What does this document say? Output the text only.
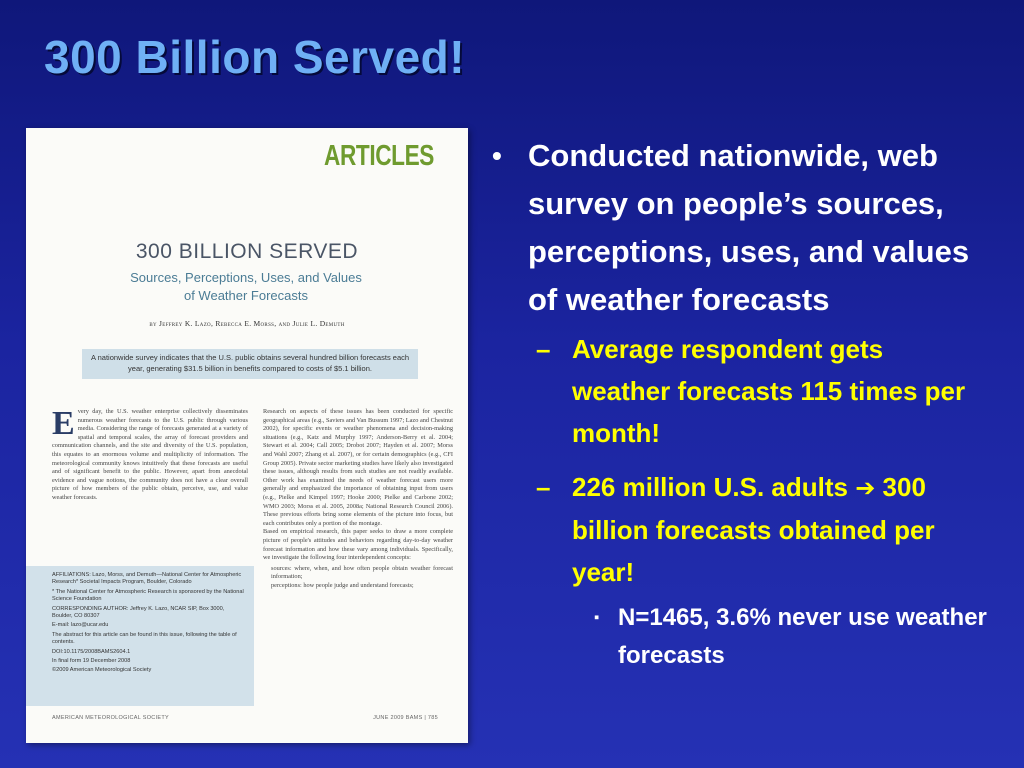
300 Billion Served!
ARTICLES
300 BILLION SERVED
Sources, Perceptions, Uses, and Values
of Weather Forecasts
by Jeffrey K. Lazo, Rebecca E. Morss, and Julie L. Demuth
A nationwide survey indicates that the U.S. public obtains several hundred billion forecasts each year, generating $31.5 billion in benefits compared to costs of $5.1 billion.
E very day, the U.S. weather enterprise collectively disseminates numerous weather forecasts to the U.S. public through various media. Considering the range of forecasts generated at a variety of spatial and temporal scales, the array of forecast providers and communication channels, and the site and diversity of the U.S. population, this equates to an enormous volume and multiplicity of information. The meteorological community knows intuitively that these forecasts are useful and of significant benefit to the public. However, apart from anecdotal evidence and vague notions, the community does not have a clear overall picture of how members of the public obtain, perceive, use, and value weather forecasts.

Research on aspects of these issues has been conducted for specific geographical areas (e.g., Saviers and Van Bussum 1997; Lazo and Chestnut 2002), for specific events or weather phenomena and decision-making situations (e.g., Katz and Murphy 1997; Anderson-Berry et al. 2004; Stewart et al. 2004; Call 2005; Drobot 2007; Hayden et al. 2007; Morss and Wahl 2007; Zhang et al. 2007), or for certain demographics (e.g., CFI Group 2005). Private sector marketing studies have likely also investigated these issues, although results from such studies are not readily available. Other work has examined the needs of weather forecast users more generally and emphasized the importance of obtaining input from users (e.g., Pielke and Kimpel 1997; Hooke 2000; Pielke and Carbone 2002; WMO 2003; Morss et al. 2005, 2008a; National Research Council 2006). These previous efforts bring some elements of the picture into focus, but each contributes only a portion of the montage.

Based on empirical research, this paper seeks to draw a more complete picture of people's attitudes and behaviors regarding day-to-day weather forecast information and how these vary among individuals. Specifically, we investigate the following four interdependent concepts:

• sources: where, when, and how often people obtain weather forecast information;
• perceptions: how people judge and understand forecasts;

AFFILIATIONS: Lazo, Morss, and Demuth—National Center for Atmospheric Research* Societal Impacts Program, Boulder, Colorado

* The National Center for Atmospheric Research is sponsored by the National Science Foundation

CORRESPONDING AUTHOR: Jeffrey K. Lazo, NCAR SIP, Box 3000, Boulder, CO 80307

E-mail: lazo@ucar.edu

The abstract for this article can be found in this issue, following the table of contents.

DOI:10.1175/2008BAMS2604.1

In final form 19 December 2008

©2009 American Meteorological Society

AMERICAN METEOROLOGICAL SOCIETY	JUNE 2009 BAMS | 785
• Conducted nationwide, web survey on people’s sources, perceptions, uses, and values of weather forecasts
– Average respondent gets weather forecasts 115 times per month!
– 226 million U.S. adults ➔ 300 billion forecasts obtained per year!
▪ N=1465, 3.6% never use weather forecasts
